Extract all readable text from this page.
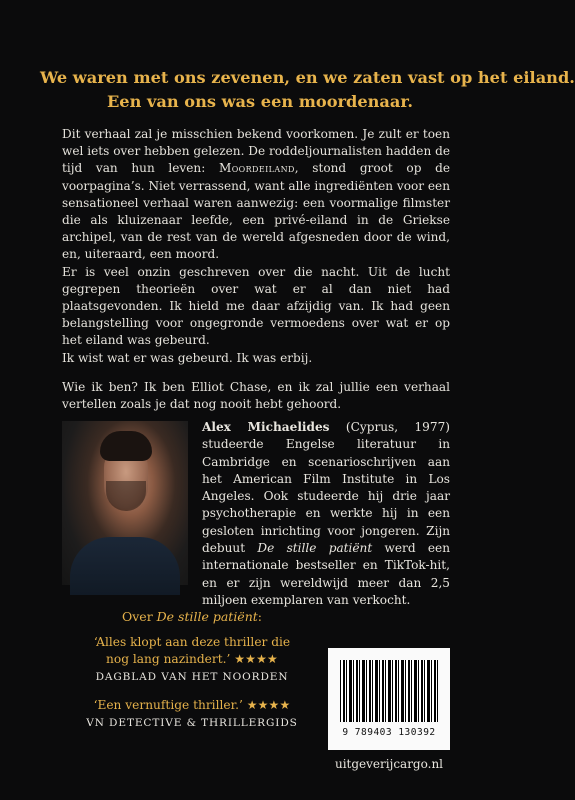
We waren met ons zevenen, en we zaten vast op het eiland.
Een van ons was een moordenaar.

Dit verhaal zal je misschien bekend voorkomen. Je zult er toen wel iets over hebben gelezen. De roddeljournalisten hadden de tijd van hun leven: Moordeiland, stond groot op de voorpagina’s. Niet verrassend, want alle ingrediënten voor een sensationeel verhaal waren aanwezig: een voormalige filmster die als kluizenaar leefde, een privé-eiland in de Griekse archipel, van de rest van de wereld afgesneden door de wind, en, uiteraard, een moord.

Er is veel onzin geschreven over die nacht. Uit de lucht gegrepen theorieën over wat er al dan niet had plaatsgevonden. Ik hield me daar afzijdig van. Ik had geen belangstelling voor ongegronde vermoedens over wat er op het eiland was gebeurd.

Ik wist wat er was gebeurd. Ik was erbij.

Wie ik ben? Ik ben Elliot Chase, en ik zal jullie een verhaal vertellen zoals je dat nog nooit hebt gehoord.

Alex Michaelides (Cyprus, 1977) studeerde Engelse literatuur in Cambridge en scenarioschrijven aan het American Film Institute in Los Angeles. Ook studeerde hij drie jaar psychotherapie en werkte hij in een gesloten inrichting voor jongeren. Zijn debuut De stille patiënt werd een internationale bestseller en TikTok-hit, en er zijn wereldwijd meer dan 2,5 miljoen exemplaren van verkocht.
Over De stille patiënt:
‘Alles klopt aan deze thriller die
nog lang nazindert.’ ★★★★
DAGBLAD VAN HET NOORDEN
‘Een vernuftige thriller.’ ★★★★
VN DETECTIVE & THRILLERGIDS
9 789403 130392
uitgeverijcargo.nl
